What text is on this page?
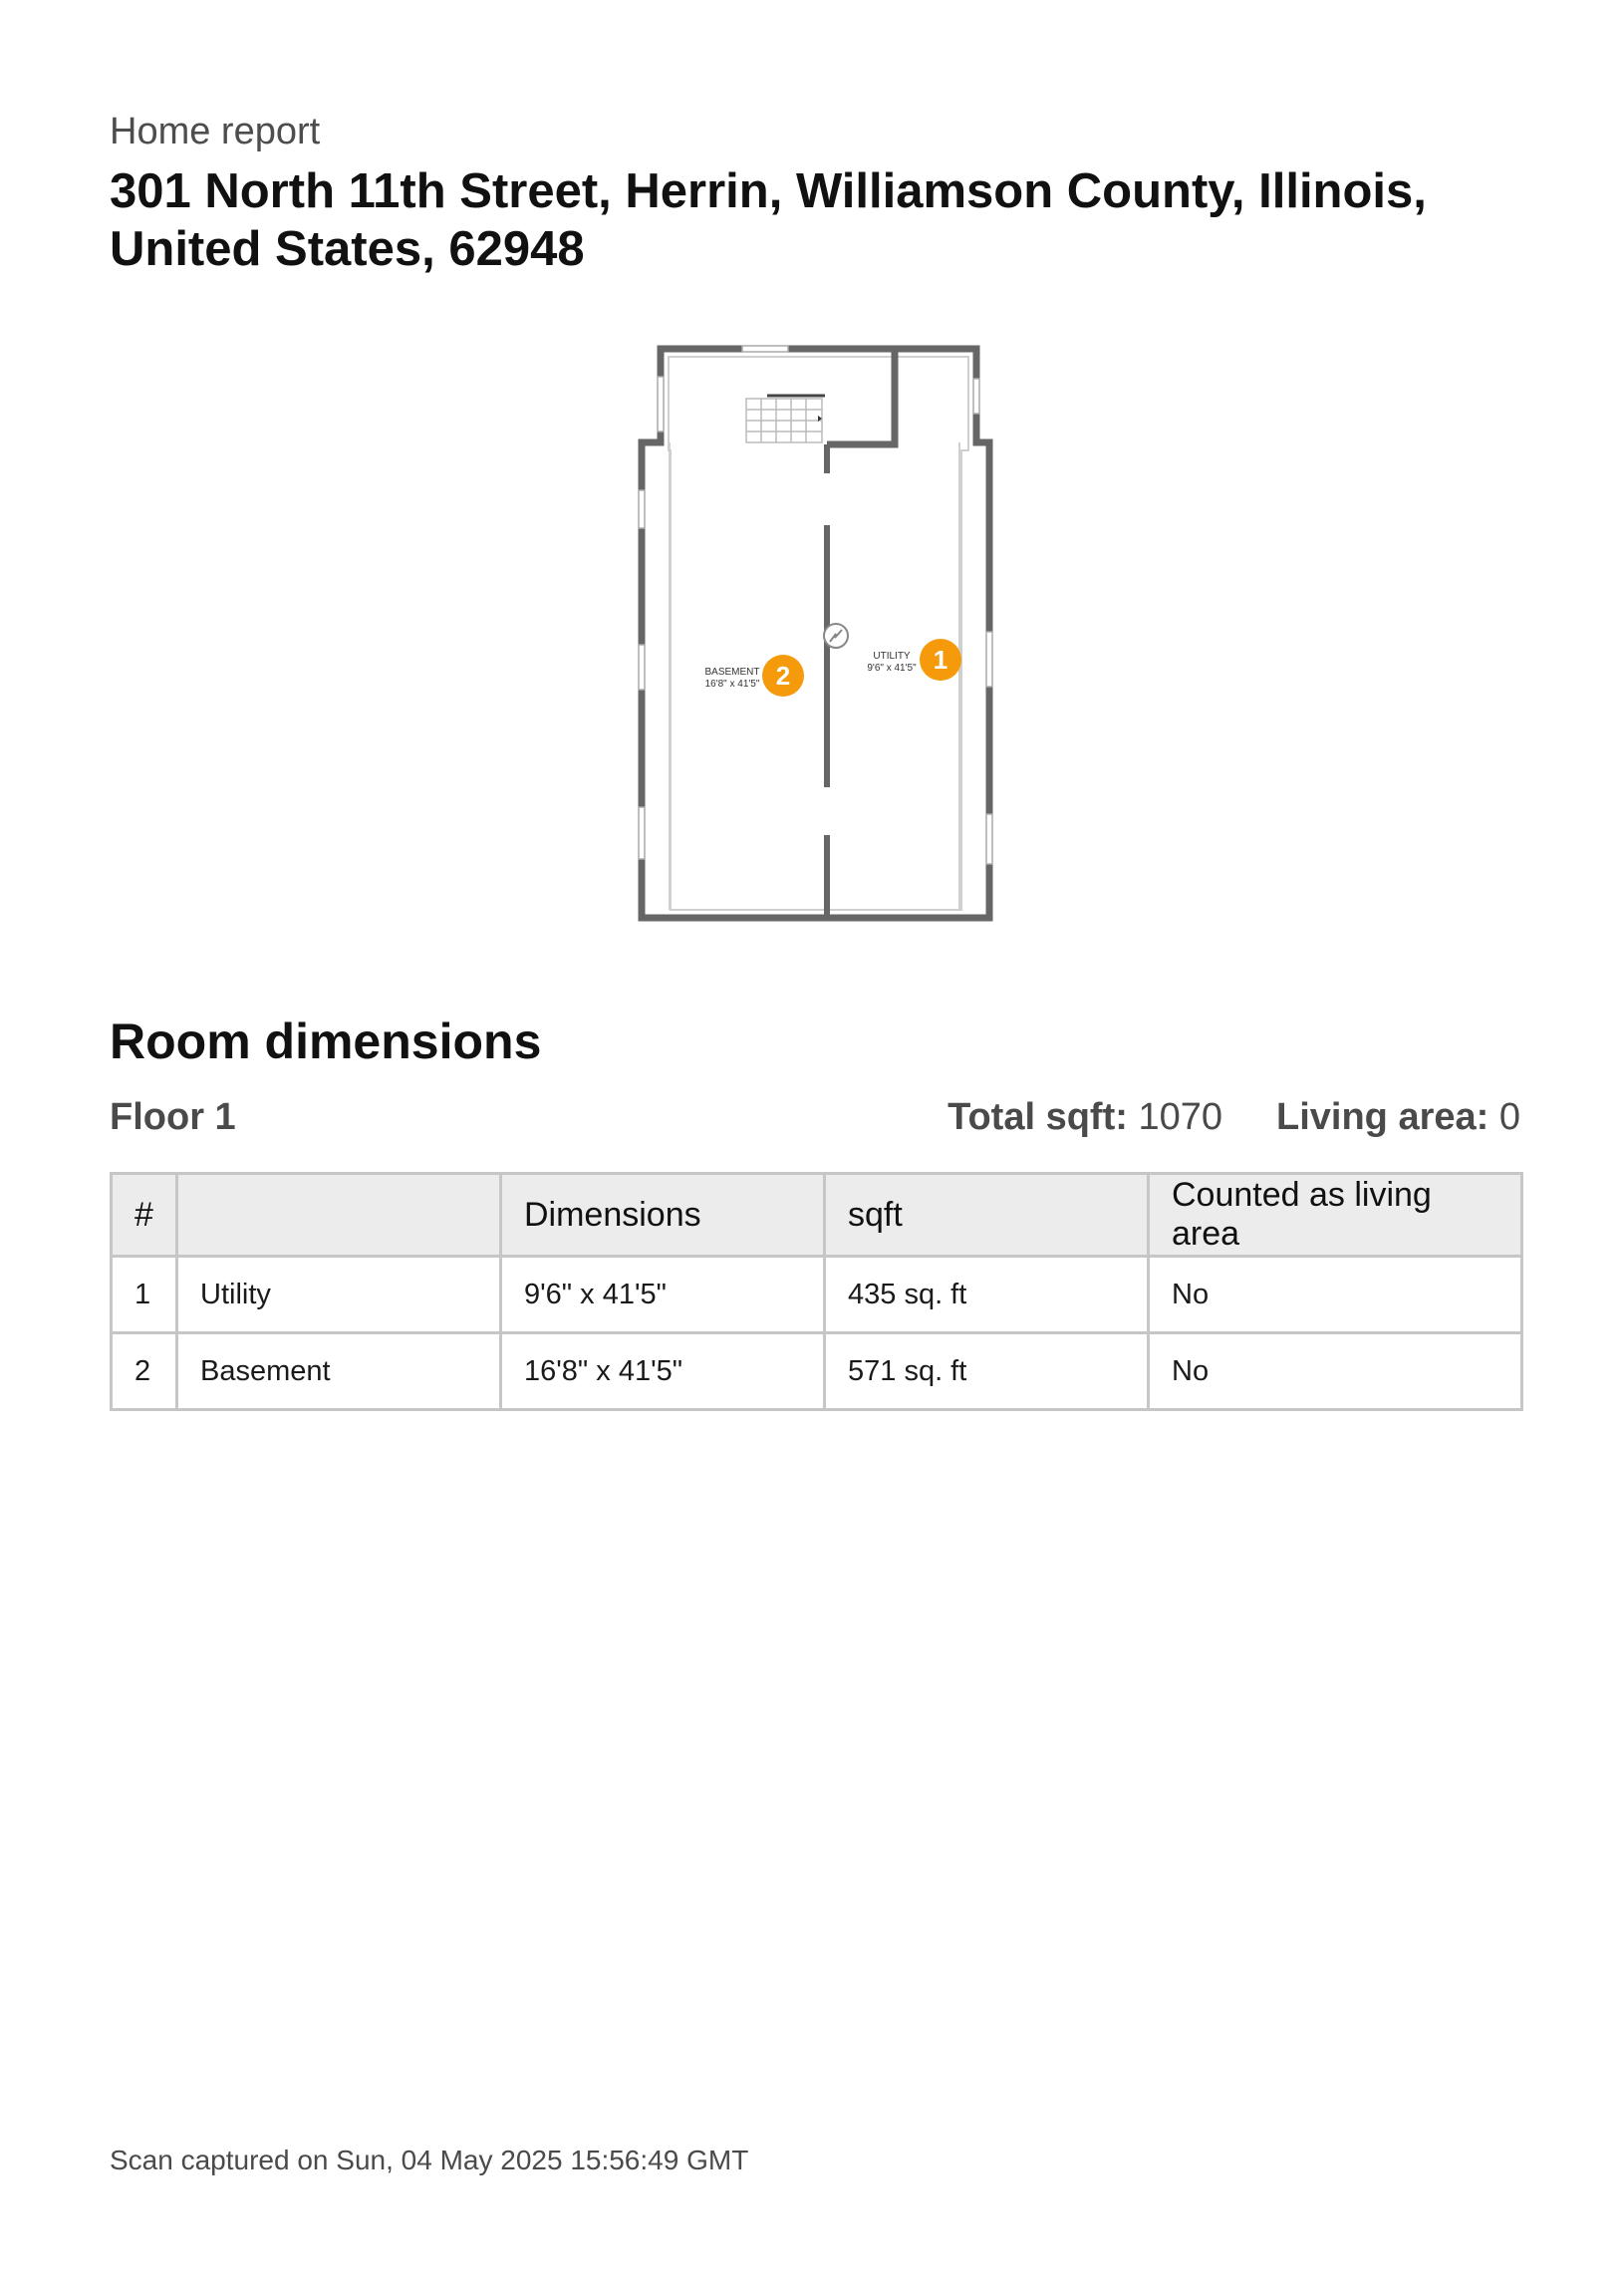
Home report
301 North 11th Street, Herrin, Williamson County, Illinois, United States, 62948
BASEMENT
16'8" x 41'5"
UTILITY
9'6" x 41'5"
2
1
Room dimensions
Floor 1	Total sqft: 1070 Living area: 0
#		Dimensions	sqft	Counted as living area
1	Utility	9'6" x 41'5"	435 sq. ft	No
2	Basement	16'8" x 41'5"	571 sq. ft	No
Scan captured on Sun, 04 May 2025 15:56:49 GMT
